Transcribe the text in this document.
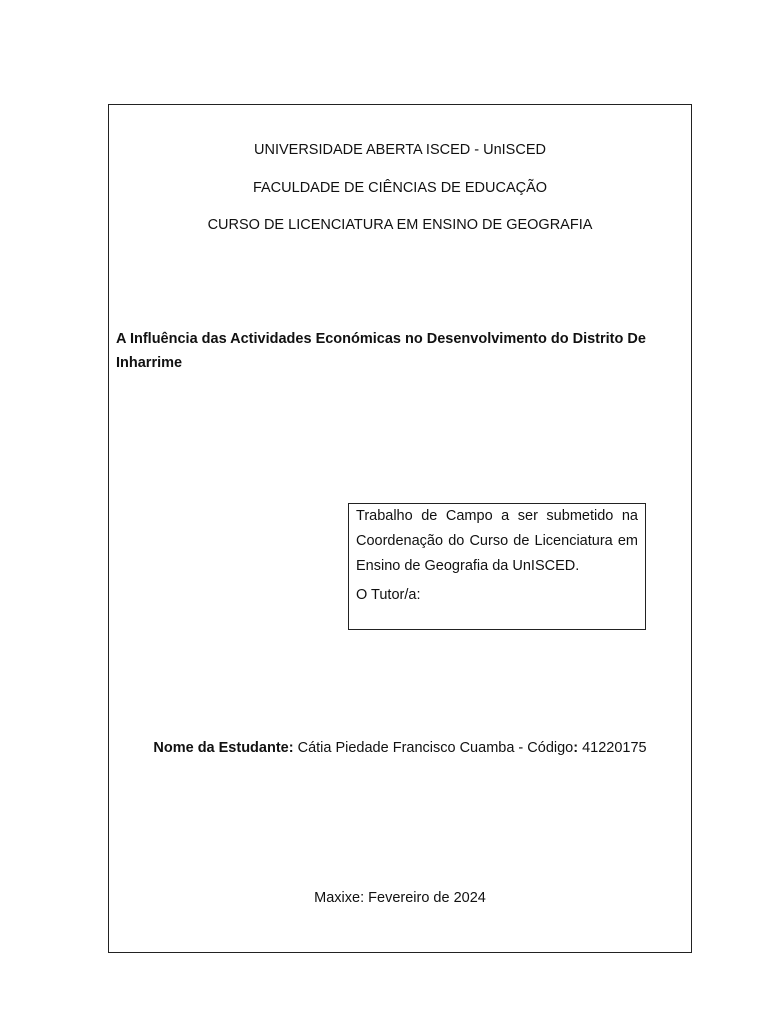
UNIVERSIDADE ABERTA ISCED - UnISCED
FACULDADE DE CIÊNCIAS DE EDUCAÇÃO
CURSO DE LICENCIATURA EM ENSINO DE GEOGRAFIA
A Influência das Actividades Económicas no Desenvolvimento do Distrito De Inharrime

Trabalho de Campo a ser submetido na Coordenação do Curso de Licenciatura em Ensino de Geografia da UnISCED.

O Tutor/a:

Nome da Estudante: Cátia Piedade Francisco Cuamba - Código: 41220175
Maxixe: Fevereiro de 2024
